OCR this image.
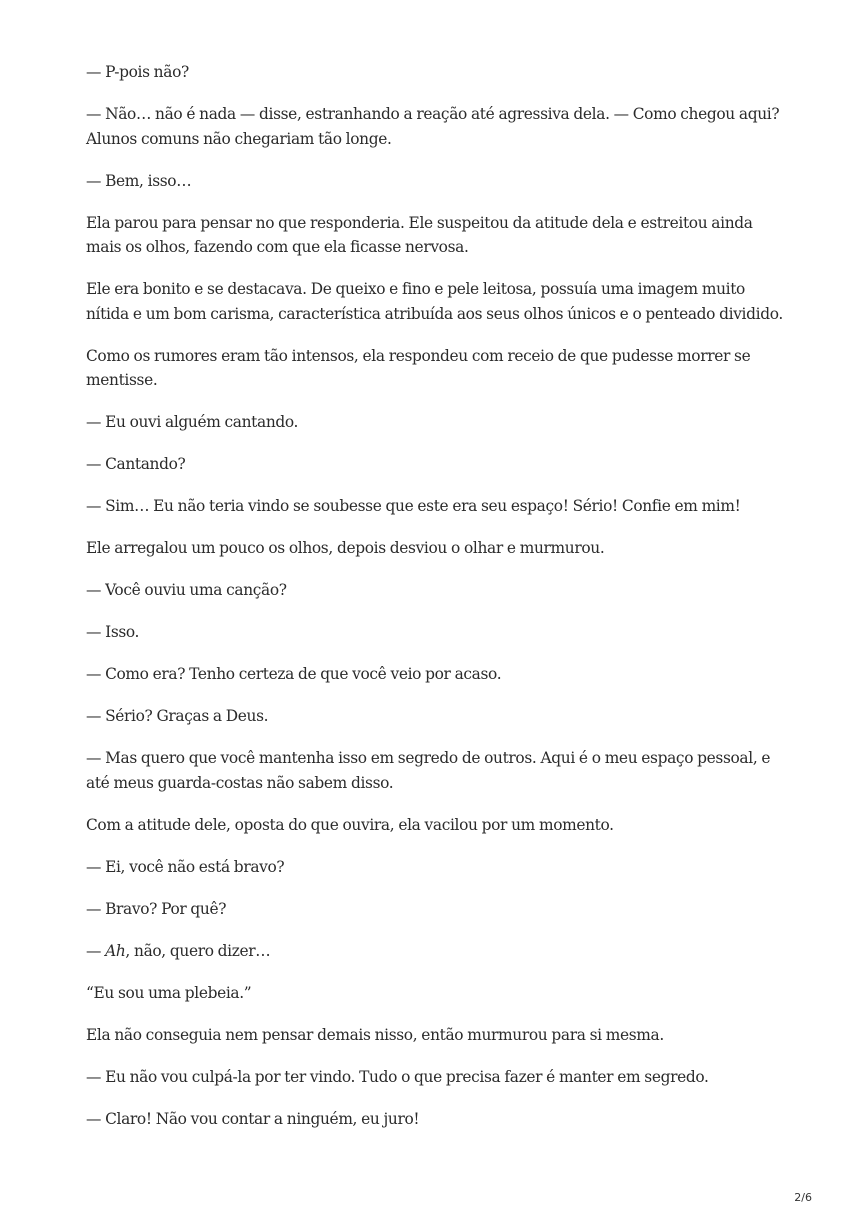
— P-pois não?

— Não… não é nada — disse, estranhando a reação até agressiva dela. — Como chegou aqui? Alunos comuns não chegariam tão longe.

— Bem, isso…

Ela parou para pensar no que responderia. Ele suspeitou da atitude dela e estreitou ainda mais os olhos, fazendo com que ela ficasse nervosa.

Ele era bonito e se destacava. De queixo e fino e pele leitosa, possuía uma imagem muito nítida e um bom carisma, característica atribuída aos seus olhos únicos e o penteado dividido.

Como os rumores eram tão intensos, ela respondeu com receio de que pudesse morrer se mentisse.

— Eu ouvi alguém cantando.

— Cantando?

— Sim… Eu não teria vindo se soubesse que este era seu espaço! Sério! Confie em mim!

Ele arregalou um pouco os olhos, depois desviou o olhar e murmurou.

— Você ouviu uma canção?

— Isso.

— Como era? Tenho certeza de que você veio por acaso.

— Sério? Graças a Deus.

— Mas quero que você mantenha isso em segredo de outros. Aqui é o meu espaço pessoal, e até meus guarda-costas não sabem disso.

Com a atitude dele, oposta do que ouvira, ela vacilou por um momento.

— Ei, você não está bravo?

— Bravo? Por quê?

— Ah, não, quero dizer…

“Eu sou uma plebeia.”

Ela não conseguia nem pensar demais nisso, então murmurou para si mesma.

— Eu não vou culpá-la por ter vindo. Tudo o que precisa fazer é manter em segredo.

— Claro! Não vou contar a ninguém, eu juro!

2/6
